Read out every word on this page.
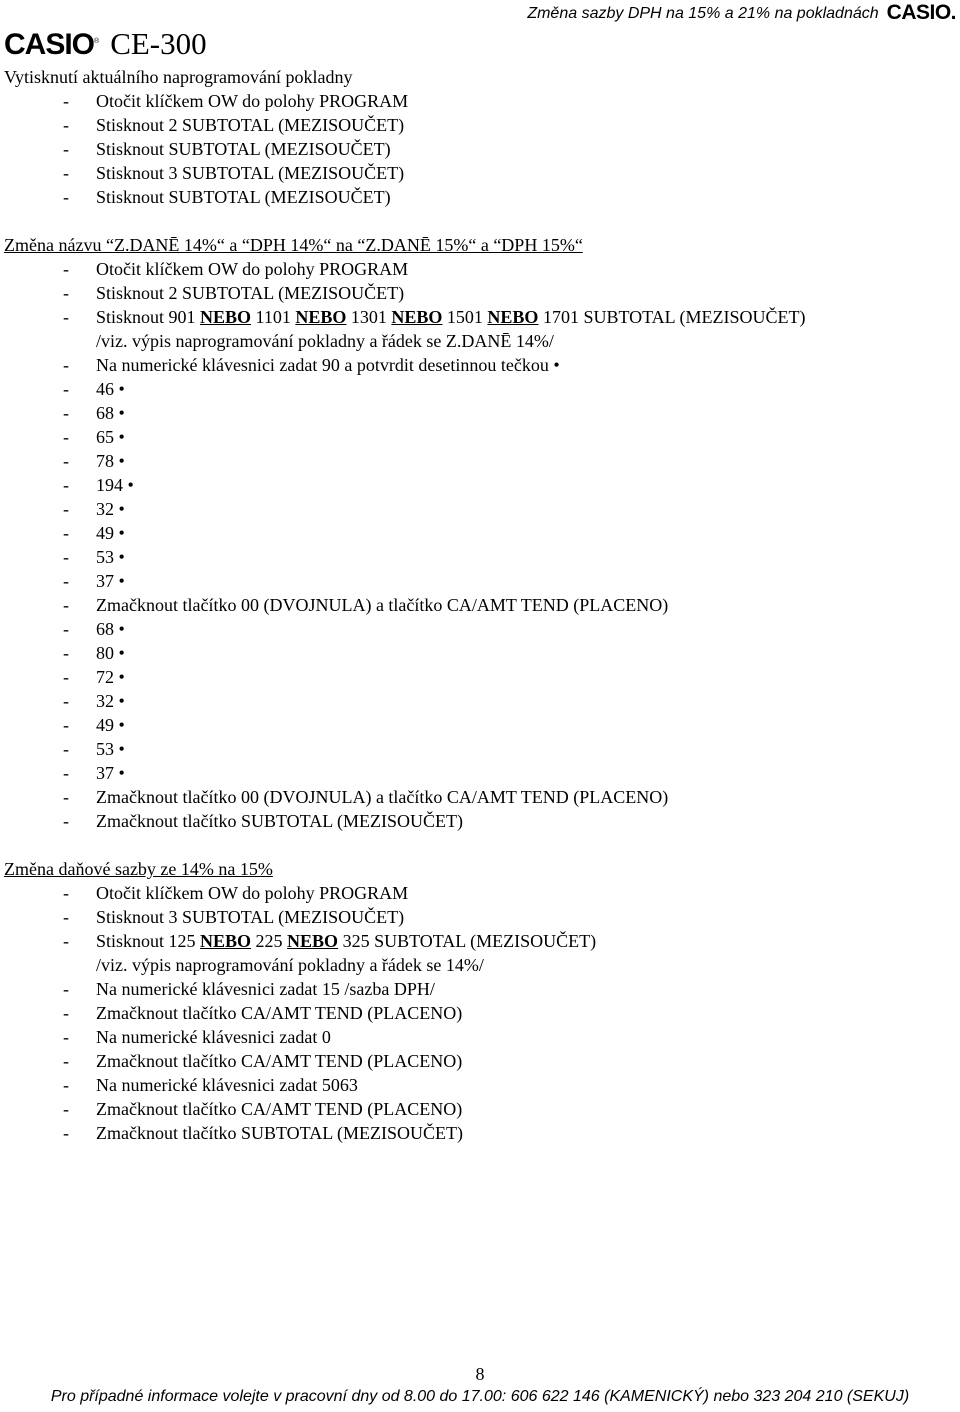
Změna sazby DPH na 15% a 21% na pokladnách CASIO.
CASIO® CE-300
Vytisknutí aktuálního naprogramování pokladny
- Otočit klíčkem OW do polohy PROGRAM
- Stisknout 2 SUBTOTAL (MEZISOUČET)
- Stisknout SUBTOTAL (MEZISOUČET)
- Stisknout 3 SUBTOTAL (MEZISOUČET)
- Stisknout SUBTOTAL (MEZISOUČET)
Změna názvu “Z.DANĒ 14%“ a “DPH 14%“ na “Z.DANĒ 15%“ a “DPH 15%“
- Otočit klíčkem OW do polohy PROGRAM
- Stisknout 2 SUBTOTAL (MEZISOUČET)
- Stisknout 901 NEBO 1101 NEBO 1301 NEBO 1501 NEBO 1701 SUBTOTAL (MEZISOUČET)
/viz. výpis naprogramování pokladny a řádek se Z.DANĒ 14%/
- Na numerické klávesnici zadat 90 a potvrdit desetinnou tečkou •
- 46 •
- 68 •
- 65 •
- 78 •
- 194 •
- 32 •
- 49 •
- 53 •
- 37 •
- Zmačknout tlačítko 00 (DVOJNULA) a tlačítko CA/AMT TEND (PLACENO)
- 68 •
- 80 •
- 72 •
- 32 •
- 49 •
- 53 •
- 37 •
- Zmačknout tlačítko 00 (DVOJNULA) a tlačítko CA/AMT TEND (PLACENO)
- Zmačknout tlačítko SUBTOTAL (MEZISOUČET)
Změna daňové sazby ze 14% na 15%
- Otočit klíčkem OW do polohy PROGRAM
- Stisknout 3 SUBTOTAL (MEZISOUČET)
- Stisknout 125 NEBO 225 NEBO 325 SUBTOTAL (MEZISOUČET)
/viz. výpis naprogramování pokladny a řádek se 14%/
- Na numerické klávesnici zadat 15 /sazba DPH/
- Zmačknout tlačítko CA/AMT TEND (PLACENO)
- Na numerické klávesnici zadat 0
- Zmačknout tlačítko CA/AMT TEND (PLACENO)
- Na numerické klávesnici zadat 5063
- Zmačknout tlačítko CA/AMT TEND (PLACENO)
- Zmačknout tlačítko SUBTOTAL (MEZISOUČET)
8
Pro případné informace volejte v pracovní dny od 8.00 do 17.00: 606 622 146 (KAMENICKÝ) nebo 323 204 210 (SEKUJ)
